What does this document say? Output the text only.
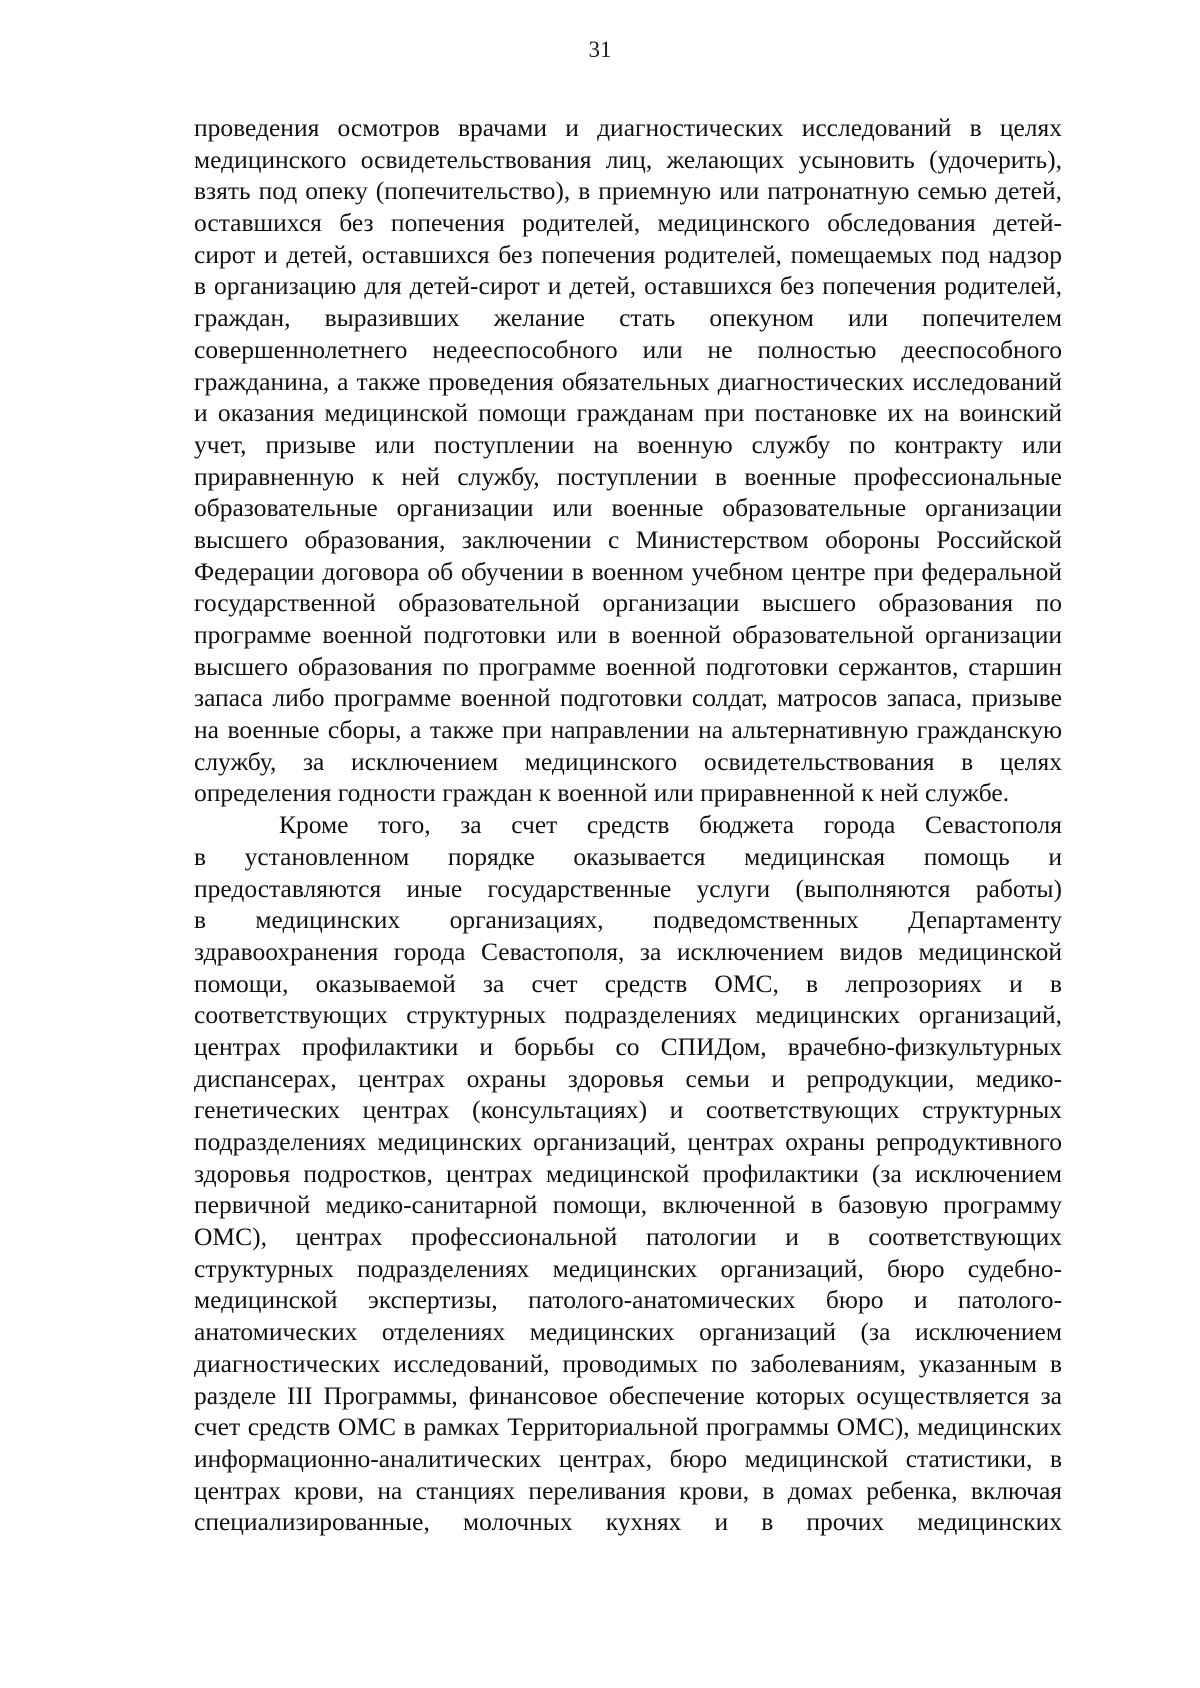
31
проведения осмотров врачами и диагностических исследований в целях
медицинского освидетельствования лиц, желающих усыновить (удочерить),
взять под опеку (попечительство), в приемную или патронатную семью детей,
оставшихся без попечения родителей, медицинского обследования детей-
сирот и детей, оставшихся без попечения родителей, помещаемых под надзор
в организацию для детей-сирот и детей, оставшихся без попечения родителей,
граждан, выразивших желание стать опекуном или попечителем
совершеннолетнего недееспособного или не полностью дееспособного
гражданина, а также проведения обязательных диагностических исследований
и оказания медицинской помощи гражданам при постановке их на воинский
учет, призыве или поступлении на военную службу по контракту или
приравненную к ней службу, поступлении в военные профессиональные
образовательные организации или военные образовательные организации
высшего образования, заключении с Министерством обороны Российской
Федерации договора об обучении в военном учебном центре при федеральной
государственной образовательной организации высшего образования по
программе военной подготовки или в военной образовательной организации
высшего образования по программе военной подготовки сержантов, старшин
запаса либо программе военной подготовки солдат, матросов запаса, призыве
на военные сборы, а также при направлении на альтернативную гражданскую
службу, за исключением медицинского освидетельствования в целях
определения годности граждан к военной или приравненной к ней службе.
Кроме того, за счет средств бюджета города Севастополя
в установленном порядке оказывается медицинская помощь и
предоставляются иные государственные услуги (выполняются работы)
в медицинских организациях, подведомственных Департаменту
здравоохранения города Севастополя, за исключением видов медицинской
помощи, оказываемой за счет средств ОМС, в лепрозориях и в
соответствующих структурных подразделениях медицинских организаций,
центрах профилактики и борьбы со СПИДом, врачебно-физкультурных
диспансерах, центрах охраны здоровья семьи и репродукции, медико-
генетических центрах (консультациях) и соответствующих структурных
подразделениях медицинских организаций, центрах охраны репродуктивного
здоровья подростков, центрах медицинской профилактики (за исключением
первичной медико-санитарной помощи, включенной в базовую программу
ОМС), центрах профессиональной патологии и в соответствующих
структурных подразделениях медицинских организаций, бюро судебно-
медицинской экспертизы, патолого-анатомических бюро и патолого-
анатомических отделениях медицинских организаций (за исключением
диагностических исследований, проводимых по заболеваниям, указанным в
разделе III Программы, финансовое обеспечение которых осуществляется за
счет средств ОМС в рамках Территориальной программы ОМС), медицинских
информационно-аналитических центрах, бюро медицинской статистики, в
центрах крови, на станциях переливания крови, в домах ребенка, включая
специализированные, молочных кухнях и в прочих медицинских
